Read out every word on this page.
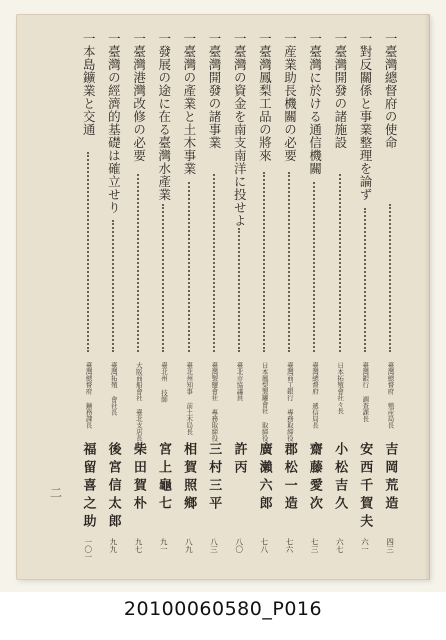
二
一臺灣總督府の使命
臺灣總督府 殖産局長
吉岡荒造
四三
一對反關係と事業整理を論ず
臺灣銀行 調查課長
安西千賀夫
六一
一臺灣開發の諸施設
日本拓殖會社々長
小松吉久
六七
一臺灣に於ける通信機關
臺灣總督府 遞信局長
齋藤愛次
七三
一産業助長機關の必要
臺灣商工銀行 專務取締役
郡松一造
七六
一臺灣鳳梨工品の將來
日本鳳梨製罐會社 取締役
廣瀨六郎
七八
一臺灣の資金を南支南洋に投せよ
臺北市協議員
許丙
八〇
一臺灣開發の諸事業
臺灣製鹽會社 專務取締役
三村三平
八三
一臺灣の產業と土木事業
臺北州知事 前土木局長
相賀照鄉
八九
一發展の途に在る臺灣水產業
臺北州 技師
宮上龜七
九一
一臺灣港灣改修の必要
大阪商船會社 臺北支店長
柴田賀朴
九七
一臺灣の經濟的基礎は確立せり
臺灣拓殖 會社長
後宮信太郎
九九
一本島鑛業と交通
臺灣總督府 鑛務課長
福留喜之助
一〇一
20100060580_P016
